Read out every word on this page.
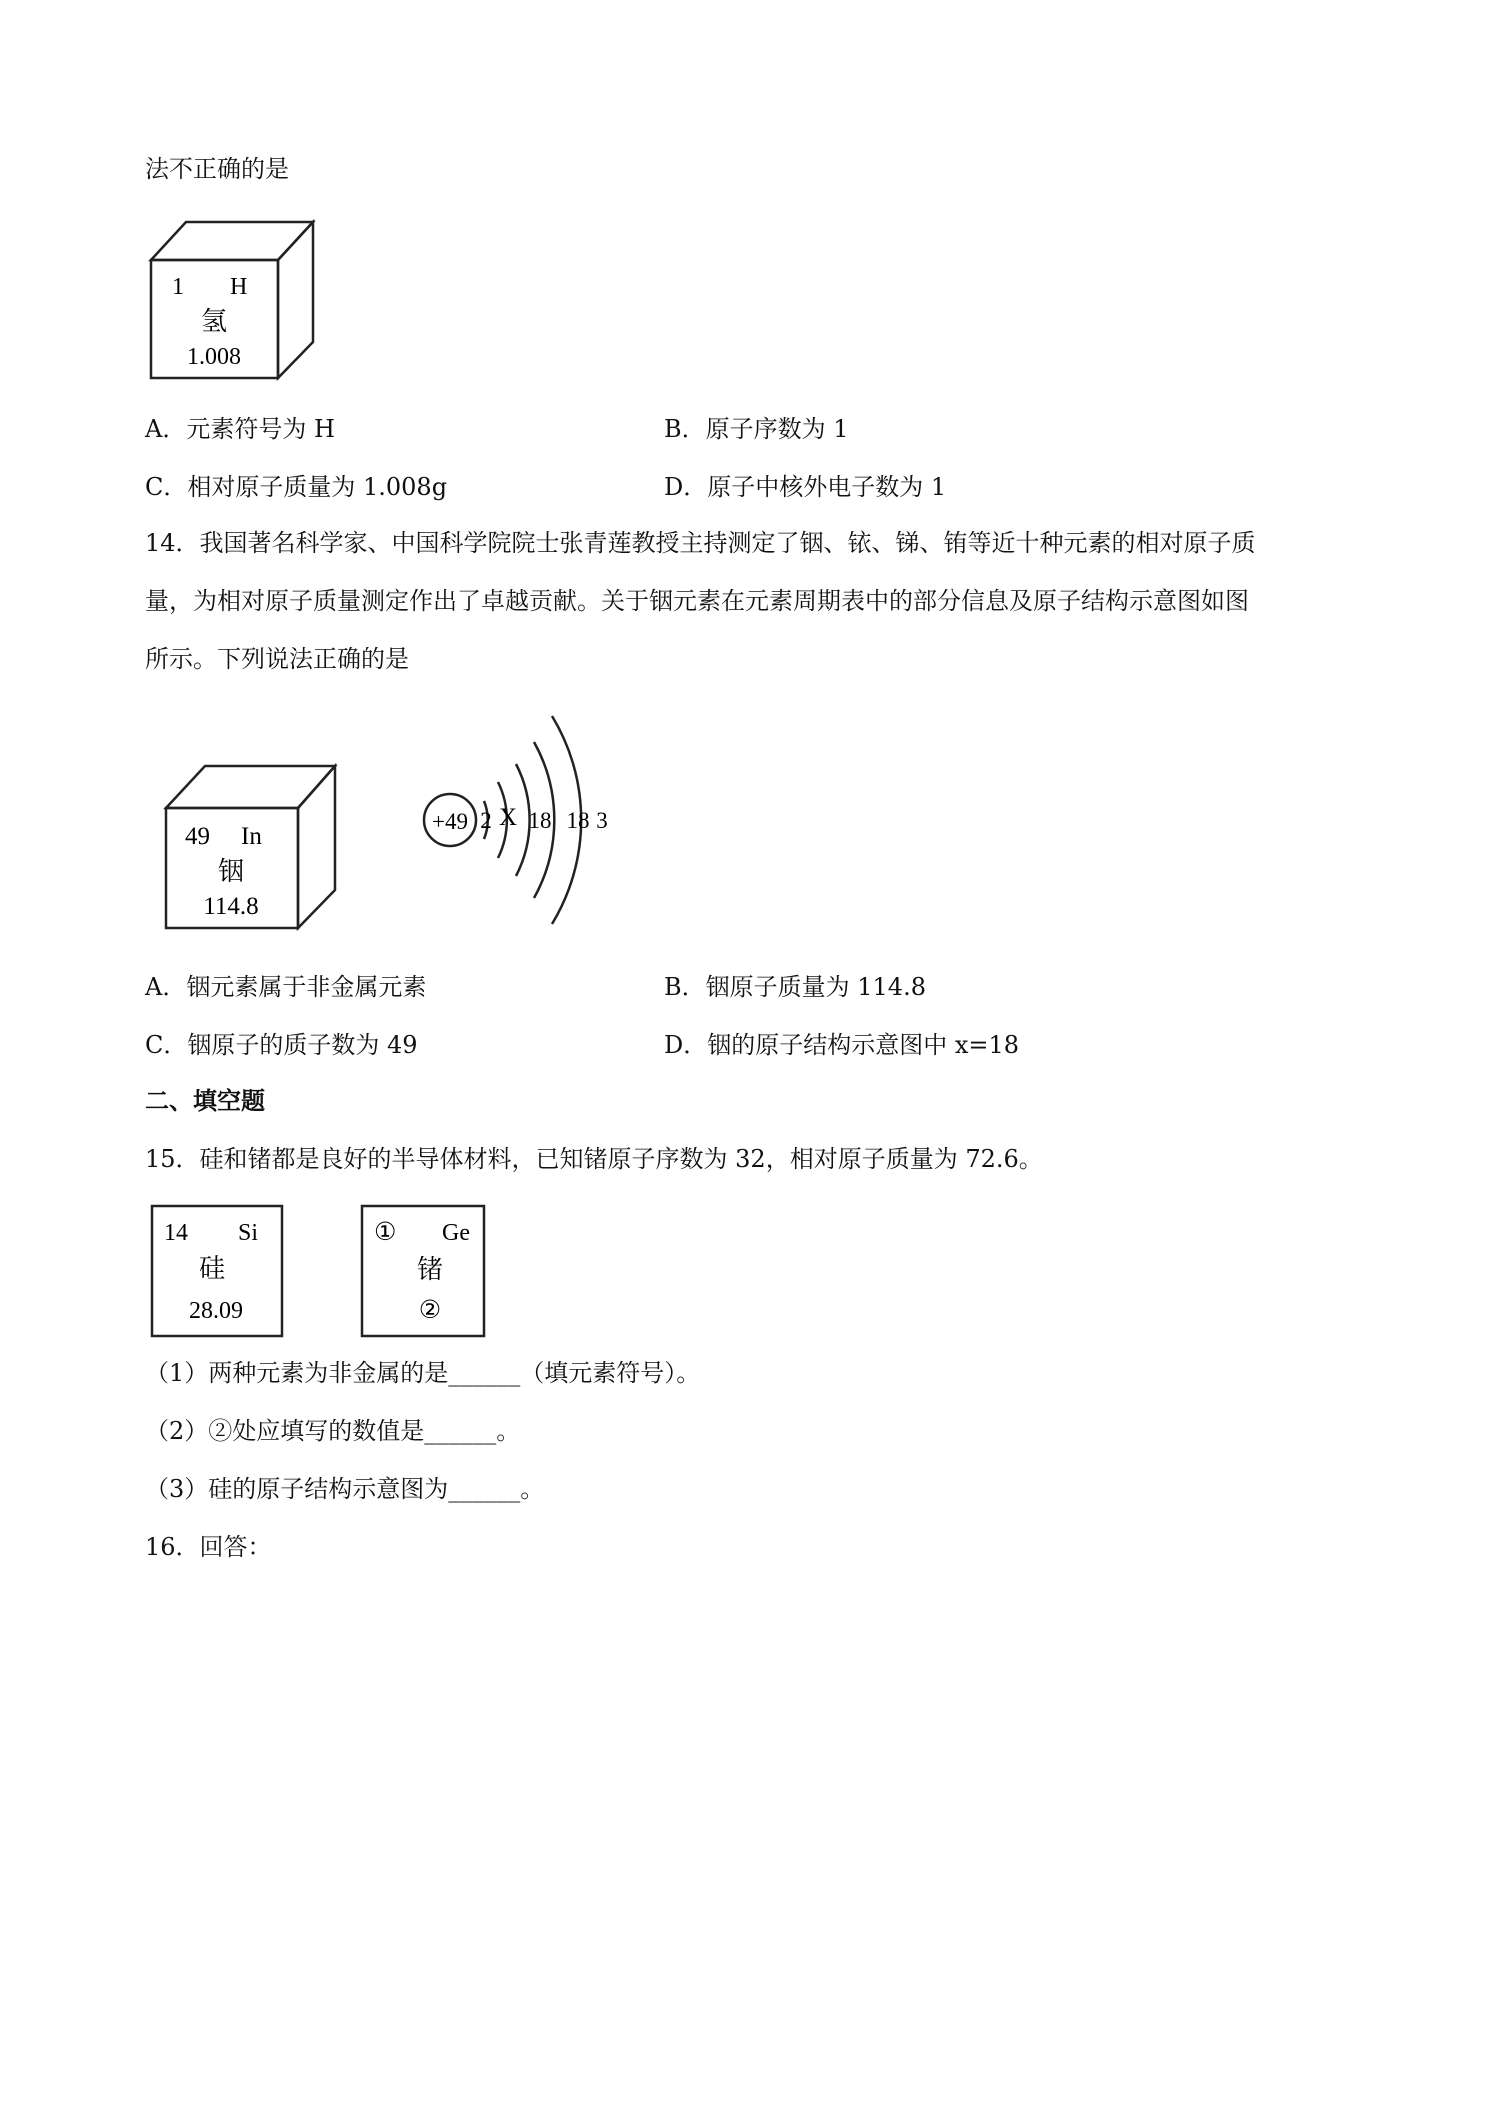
法不正确的是
1 H
氢
1.008
A．元素符号为 H	B．原子序数为 1
C．相对原子质量为 1.008g	D．原子中核外电子数为 1
14．我国著名科学家、中国科学院院士张青莲教授主持测定了铟、铱、锑、铕等近十种元素的相对原子质
量，为相对原子质量测定作出了卓越贡献。关于铟元素在元素周期表中的部分信息及原子结构示意图如图
所示。下列说法正确的是
49 In
铟
114.8
+49 2 X 18 18 3
A．铟元素属于非金属元素	B．铟原子质量为 114.8
C．铟原子的质子数为 49	D．铟的原子结构示意图中 x=18
二、填空题
15．硅和锗都是良好的半导体材料，已知锗原子序数为 32，相对原子质量为 72.6。
14 Si
硅
28.09
① Ge
锗
②
（1）两种元素为非金属的是______（填元素符号）。
（2）②处应填写的数值是______。
（3）硅的原子结构示意图为______。
16．回答：
